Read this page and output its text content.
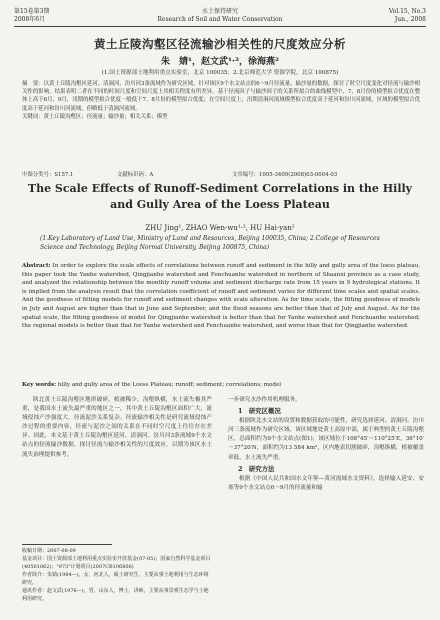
第15卷第3期
2008年6月
水土保持研究
Research of Soil and Water Conservation
Vol.15, No.3
Jun., 2008
黄土丘陵沟壑区径流输沙相关性的尺度效应分析
朱　婧¹，赵文武¹·²，徐海燕²
(1.国土资源部土地利用重点实验室，北京 100035；2.北京师范大学 资源学院，北京 100875)
摘　要：以黄土丘陵沟壑区延河、清涧河、汾川河3条流域作为研究区域，针对该区9个水文站点的6～9月径流量、输沙量的数据，探讨了时空尺度变化对径流与输沙相关性的影响。结果表明二者在不同的时间尺度和空间尺度上其相关程度有所差异。基于径流因子与输沙因子的关系所拟合的曲线模型中，7、8月份的模型拟合优度在整体上高于6月、9月，汛期的模型拟合优度一般低于7、8月份的模型拟合优度；在空间尺度上，汛期清涧河流域模型拟合优度高于延河和汾川河流域，区域的模型拟合优度高于延河和汾川河流域，但略低于清涧河流域。
关键词：黄土丘陵沟壑区；径流量；输沙量；相关关系；模型
中图分类号：S157.1	文献标识码：A	文章编号：1005-3409(2008)03-0004-03
The Scale Effects of Runoff-Sediment Correlations in the Hilly
and Gully Area of the Loess Plateau
ZHU Jing¹, ZHAO Wen-wu¹·², HU Hai-yan²
(1.Key Laboratory of Land Use, Ministry of Land and Resources, Beijing 100035, China; 2.College of Resources Science and Technology, Beijing Normal University, Beijing 100875, China)
Abstract: In order to explore the scale effects of correlations between runoff and sediment in the hilly and gully area of the loess plateau, this paper took the Yanhe watershed, Qingjianhe watershed and Fenchuanhe watershed in northern of Shaanxi province as a case study, and analyzed the relationship between the monthly runoff volume and sediment discharge rate from 15 years in 9 hydrological stations. It is implied from the analysis result that the correlation coefficient of runoff and sediment varies for different time scales and spatial scales. And the goodness of fitting models for runoff and sediment changes with scale alteration. As for time scale, the fitting goodness of models in July and August are higher than that in June and September, and the flood seasons are better than that of July and August. As for the spatial scale, the fitting goodness of model for Qingjianhe watershed is better than that for Yanhe watershed and Fenchuanhe watershed; the regional models is better than that for Yanhe watershed and Fenchuanhe watershed, and worse than that for Qingjianhe watershed.
Key words: hilly and gully area of the Loess Plateau; runoff; sediment; correlations; model
陕北黄土丘陵沟壑区地形破碎，植被稀少，沟壑纵横，水土流失极其严重，是我国水土流失最严重的地区之一，其中黄土丘陵沟壑区面积广大，流域侵蚀产沙强度大，径流泥沙关系复杂。径流输沙相关性是研究流域侵蚀产沙过程的重要内容，径流与泥沙之间的关系在不同时空尺度上往往存在差异。因此，本文基于黄土丘陵沟壑区延河、清涧河、汾川河3条流域9个水文站点的径流输沙数据，探讨径流与输沙相关性的尺度效应，以期为该区水土流失治理提供参考。
一步研究水沙作用机理服务。
1　研究区概况
根据陕北水文站的设置和数据获取的可能性，研究选择延河、清涧河、汾川河三条流域作为研究区域。该区域地处黄土高原中部，属于典型的黄土丘陵沟壑区，总面积约为9个水文站点(图1)，该区域位于108°45′～110°25′E，36°10′～37°20′N，面积约为13 584 km²，区内地表切割破碎，沟壑纵横，植被覆盖率低，水土流失严重。
2　研究方法
根据《中国人民共和国水文年鉴—黄河流域水文资料》，选择输入延安、安塞等9个水文站点6～9月的径流量和输
收稿日期：2007-08-09
基金项目：国土资源部土地利用重点实验室开放基金(07-05)；国家自然科学基金项目(40501062)；"973"计划项目(2007CB106806)
作者简介：朱婧(1984—)，女，河北人，硕士研究生，主要从事土地利用与生态环境研究。
通讯作者：赵文武(1976—)，男，山东人，博士，讲师，主要从事景观生态学与土地利用研究。
